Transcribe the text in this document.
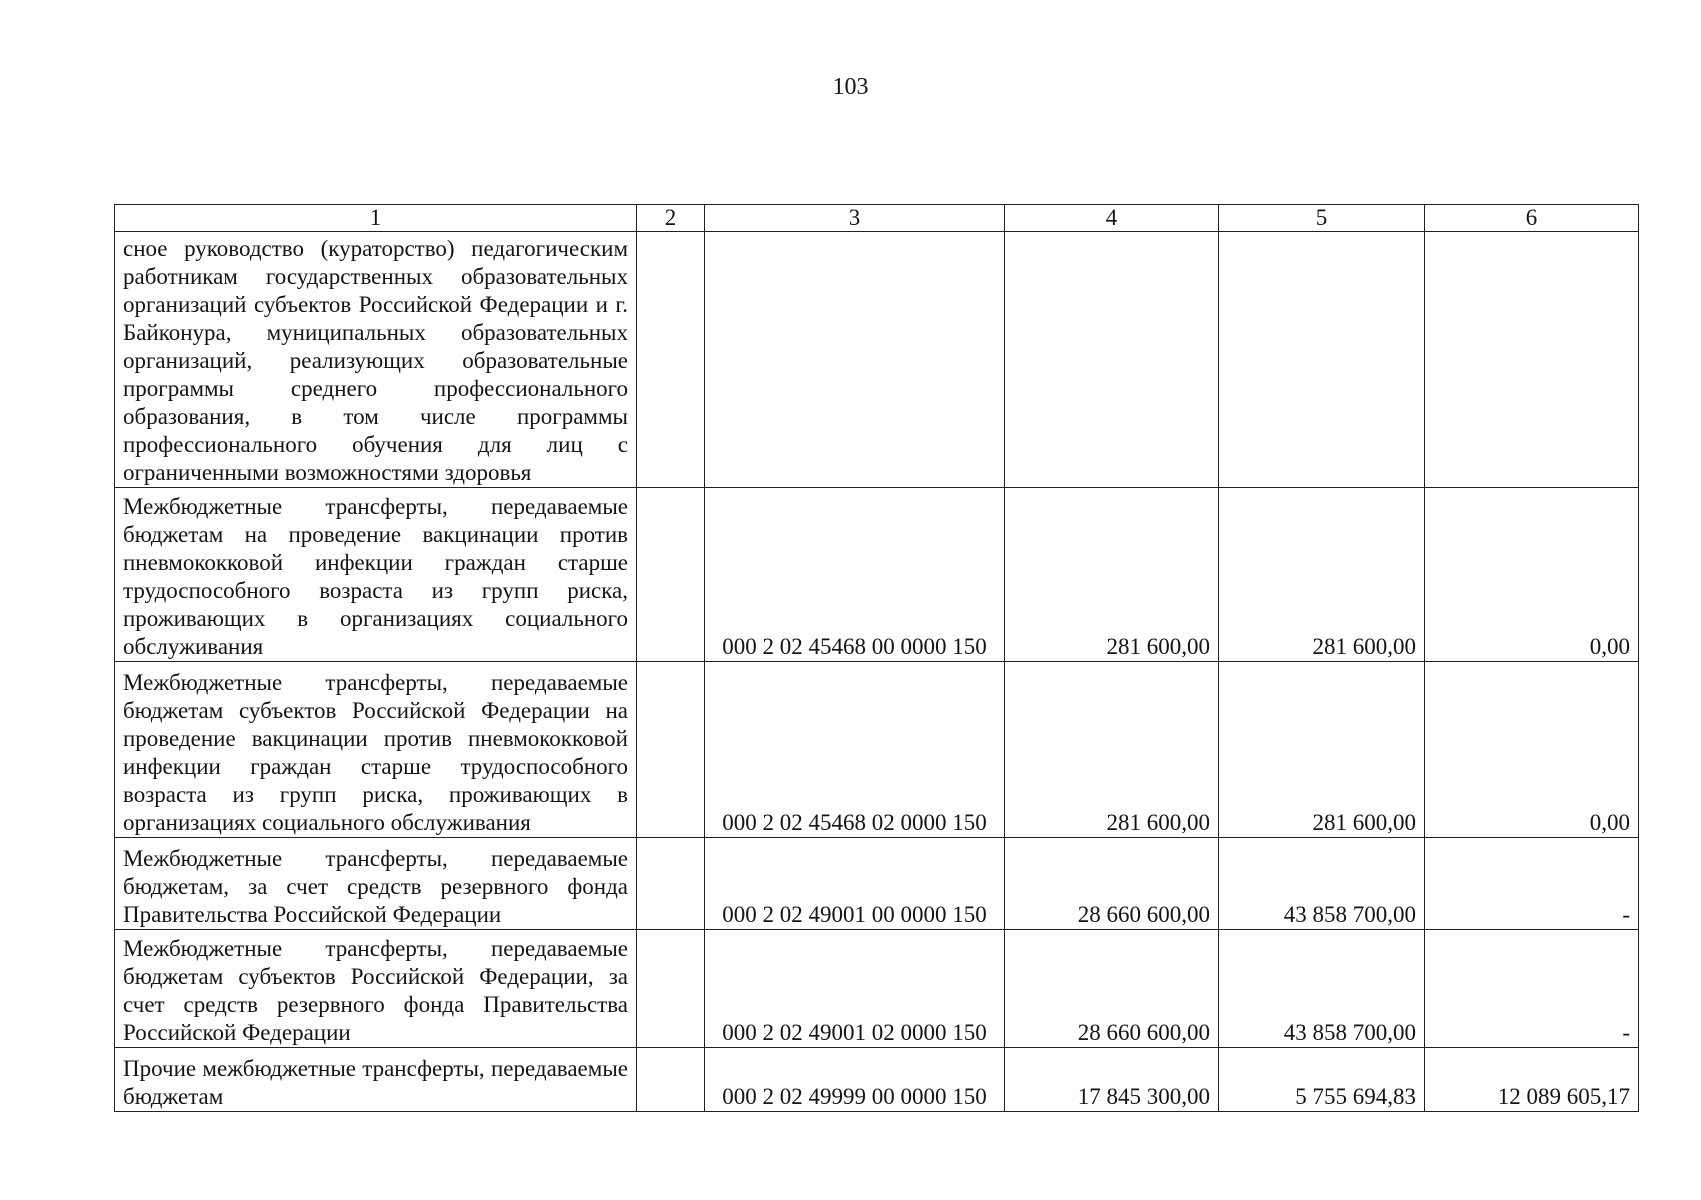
103
1	2	3	4	5	6
сное руководство (кураторство) педагогическим работникам государственных образовательных организаций субъектов Российской Федерации и г. Байконура, муниципальных образовательных организаций, реализующих образовательные программы среднего профессионального образования, в том числе программы профессионального обучения для лиц с ограниченными возможностями здоровья					
Межбюджетные трансферты, передаваемые бюджетам на проведение вакцинации против пневмококковой инфекции граждан старше трудоспособного возраста из групп риска, проживающих в организациях социального обслуживания		000 2 02 45468 00 0000 150	281 600,00	281 600,00	0,00
Межбюджетные трансферты, передаваемые бюджетам субъектов Российской Федерации на проведение вакцинации против пневмококковой инфекции граждан старше трудоспособного возраста из групп риска, проживающих в организациях социального обслуживания		000 2 02 45468 02 0000 150	281 600,00	281 600,00	0,00
Межбюджетные трансферты, передаваемые бюджетам, за счет средств резервного фонда Правительства Российской Федерации		000 2 02 49001 00 0000 150	28 660 600,00	43 858 700,00	-
Межбюджетные трансферты, передаваемые бюджетам субъектов Российской Федерации, за счет средств резервного фонда Правительства Российской Федерации		000 2 02 49001 02 0000 150	28 660 600,00	43 858 700,00	-
Прочие межбюджетные трансферты, передаваемые бюджетам		000 2 02 49999 00 0000 150	17 845 300,00	5 755 694,83	12 089 605,17
